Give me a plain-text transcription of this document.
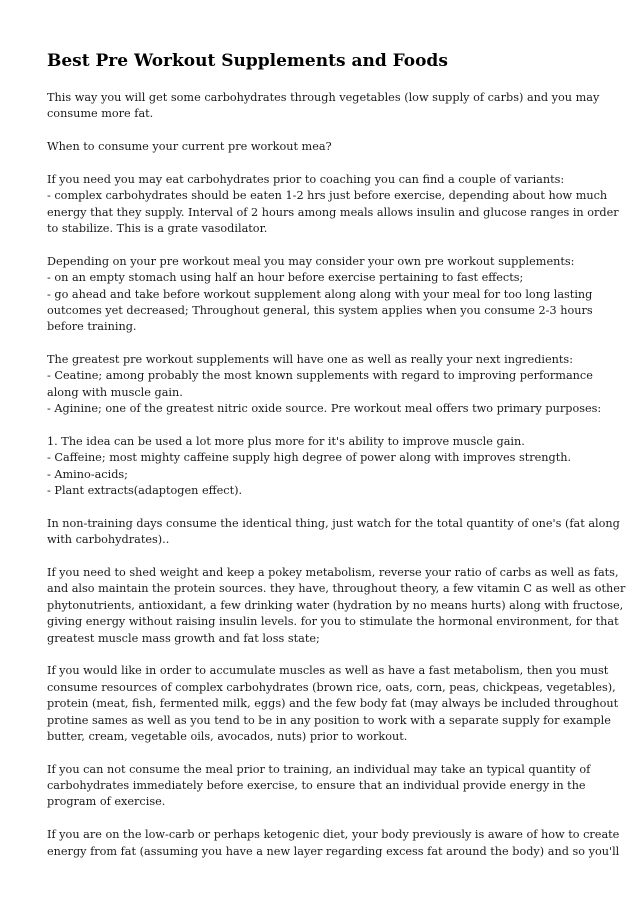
Best Pre Workout Supplements and Foods
This way you will get some carbohydrates through vegetables (low supply of carbs) and you may
consume more fat.
When to consume your current pre workout mea?
If you need you may eat carbohydrates prior to coaching you can find a couple of variants:
- complex carbohydrates should be eaten 1-2 hrs just before exercise, depending about how much
energy that they supply. Interval of 2 hours among meals allows insulin and glucose ranges in order
to stabilize. This is a grate vasodilator.
Depending on your pre workout meal you may consider your own pre workout supplements:
- on an empty stomach using half an hour before exercise pertaining to fast effects;
- go ahead and take before workout supplement along along with your meal for too long lasting
outcomes yet decreased; Throughout general, this system applies when you consume 2-3 hours
before training.
The greatest pre workout supplements will have one as well as really your next ingredients:
- Ceatine; among probably the most known supplements with regard to improving performance
along with muscle gain.
- Aginine; one of the greatest nitric oxide source. Pre workout meal offers two primary purposes:
1. The idea can be used a lot more plus more for it's ability to improve muscle gain.
- Caffeine; most mighty caffeine supply high degree of power along with improves strength.
- Amino-acids;
- Plant extracts(adaptogen effect).
In non-training days consume the identical thing, just watch for the total quantity of one's (fat along
with carbohydrates)..
If you need to shed weight and keep a pokey metabolism, reverse your ratio of carbs as well as fats,
and also maintain the protein sources. they have, throughout theory, a few vitamin C as well as other
phytonutrients, antioxidant, a few drinking water (hydration by no means hurts) along with fructose,
giving energy without raising insulin levels. for you to stimulate the hormonal environment, for that
greatest muscle mass growth and fat loss state;
If you would like in order to accumulate muscles as well as have a fast metabolism, then you must
consume resources of complex carbohydrates (brown rice, oats, corn, peas, chickpeas, vegetables),
protein (meat, fish, fermented milk, eggs) and the few body fat (may always be included throughout
protine sames as well as you tend to be in any position to work with a separate supply for example
butter, cream, vegetable oils, avocados, nuts) prior to workout.
If you can not consume the meal prior to training, an individual may take an typical quantity of
carbohydrates immediately before exercise, to ensure that an individual provide energy in the
program of exercise.
If you are on the low-carb or perhaps ketogenic diet, your body previously is aware of how to create
energy from fat (assuming you have a new layer regarding excess fat around the body) and so you'll
